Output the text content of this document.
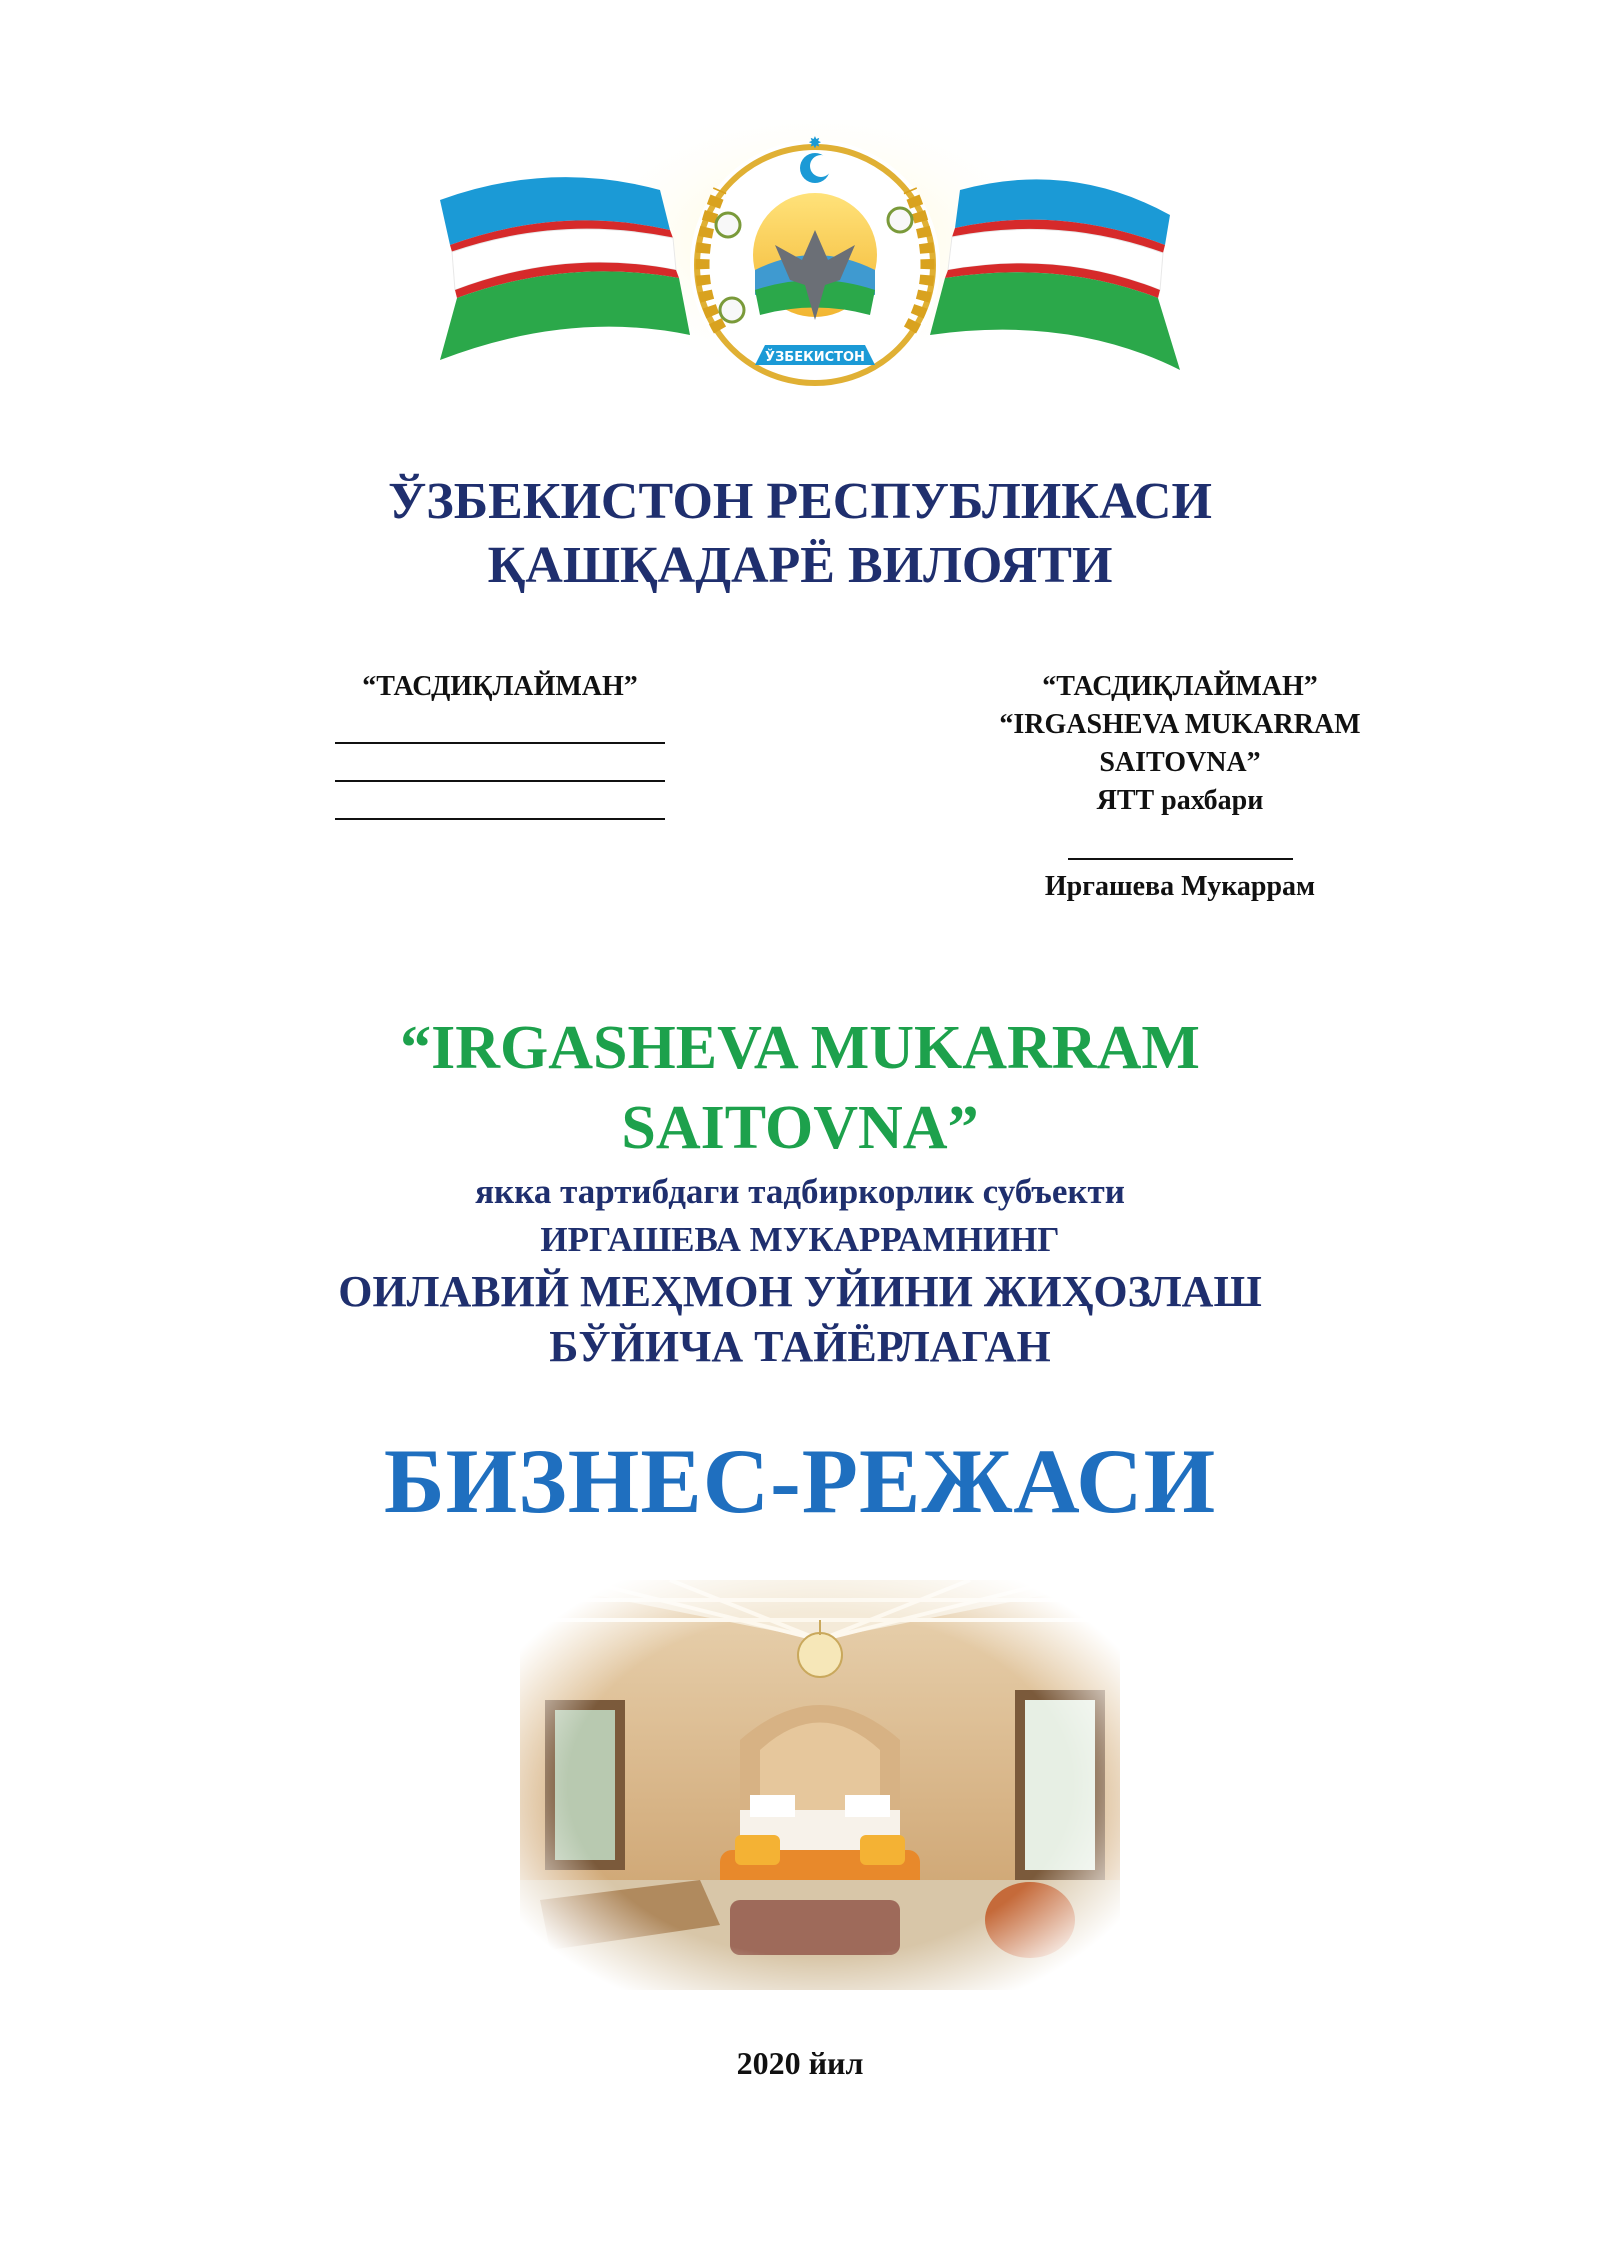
✸
ЎЗБЕКИСТОН
ЎЗБЕКИСТОН РЕСПУБЛИКАСИ
ҚАШҚАДАРЁ ВИЛОЯТИ
“ТАСДИҚЛАЙМАН”	“ТАСДИҚЛАЙМАН”
“IRGASHEVA MUKARRAM
SAITOVNA”
ЯТТ рахбари
Иргашева Мукаррам
“IRGASHEVA MUKARRAM
SAITOVNA”
якка тартибдаги тадбиркорлик субъекти
ИРГАШЕВА МУКАРРАМНИНГ
ОИЛАВИЙ МЕҲМОН УЙИНИ ЖИҲОЗЛАШ
БЎЙИЧА ТАЙЁРЛАГАН
БИЗНЕС-РЕЖАСИ
2020 йил
